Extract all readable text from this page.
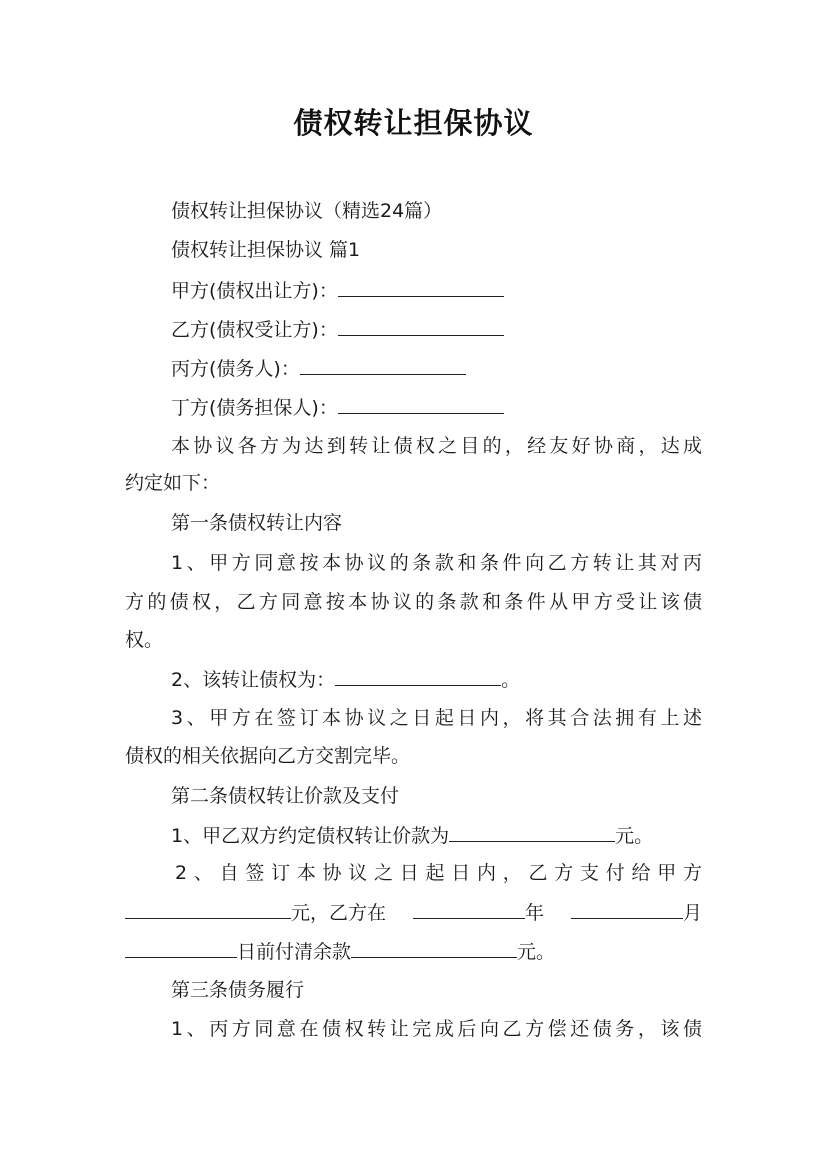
债权转让担保协议
债权转让担保协议（精选24篇）
债权转让担保协议 篇1
甲方(债权出让方)：
乙方(债权受让方)：
丙方(债务人)：
丁方(债务担保人)：
本协议各方为达到转让债权之目的，经友好协商，达成
约定如下：
第一条债权转让内容
1、甲方同意按本协议的条款和条件向乙方转让其对丙
方的债权，乙方同意按本协议的条款和条件从甲方受让该债
权。
2、该转让债权为：	。
3、甲方在签订本协议之日起日内，将其合法拥有上述
债权的相关依据向乙方交割完毕。
第二条债权转让价款及支付
1、甲乙双方约定债权转让价款为	元。
2、自签订本协议之日起日内，乙方支付给甲方
元，乙方在	年	月
日前付清余款	元。
第三条债务履行
1、丙方同意在债权转让完成后向乙方偿还债务，该债
